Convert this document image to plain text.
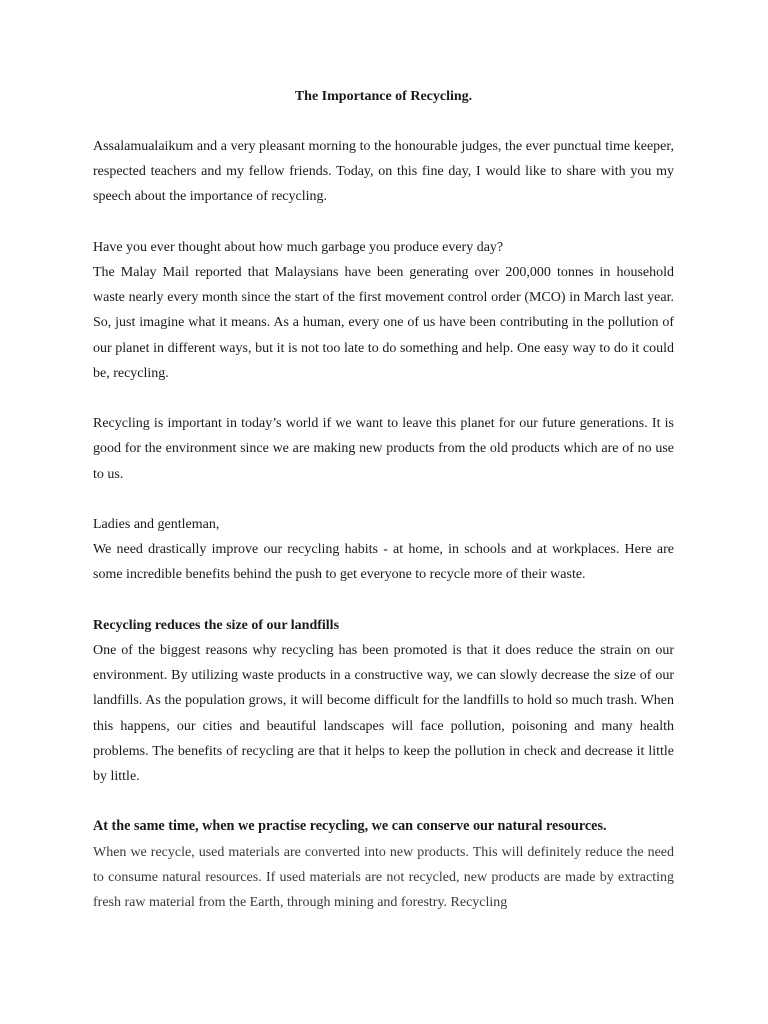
The Importance of Recycling.

Assalamualaikum and a very pleasant morning to the honourable judges, the ever punctual time keeper, respected teachers and my fellow friends. Today, on this fine day, I would like to share with you my speech about the importance of recycling.

Have you ever thought about how much garbage you produce every day?

The Malay Mail reported that Malaysians have been generating over 200,000 tonnes in household waste nearly every month since the start of the first movement control order (MCO) in March last year. So, just imagine what it means. As a human, every one of us have been contributing in the pollution of our planet in different ways, but it is not too late to do something and help. One easy way to do it could be, recycling.

Recycling is important in today’s world if we want to leave this planet for our future generations. It is good for the environment since we are making new products from the old products which are of no use to us.

Ladies and gentleman,

We need drastically improve our recycling habits - at home, in schools and at workplaces. Here are some incredible benefits behind the push to get everyone to recycle more of their waste.

Recycling reduces the size of our landfills

One of the biggest reasons why recycling has been promoted is that it does reduce the strain on our environment. By utilizing waste products in a constructive way, we can slowly decrease the size of our landfills. As the population grows, it will become difficult for the landfills to hold so much trash. When this happens, our cities and beautiful landscapes will face pollution, poisoning and many health problems. The benefits of recycling are that it helps to keep the pollution in check and decrease it little by little.

At the same time, when we practise recycling, we can conserve our natural resources.

When we recycle, used materials are converted into new products. This will definitely reduce the need to consume natural resources. If used materials are not recycled, new products are made by extracting fresh raw material from the Earth, through mining and forestry. Recycling
